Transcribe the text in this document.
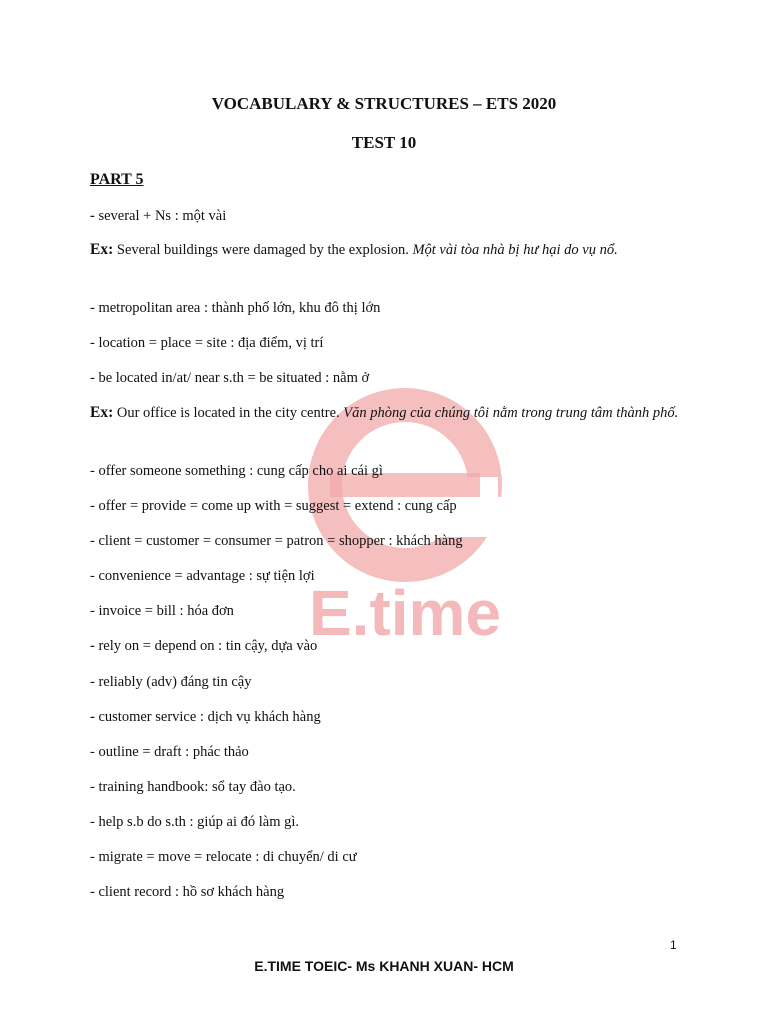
E.time
VOCABULARY & STRUCTURES – ETS 2020
TEST 10
PART 5
- several + Ns : một vài
Ex: Several buildings were damaged by the explosion. Một vài tòa nhà bị hư hại do vụ nổ.
- metropolitan area : thành phố lớn, khu đô thị lớn
- location = place = site : địa điểm, vị trí
- be located in/at/ near s.th = be situated : nằm ở
Ex: Our office is located in the city centre. Văn phòng của chúng tôi nằm trong trung tâm thành phố.
- offer someone something : cung cấp cho ai cái gì
- offer = provide = come up with = suggest = extend : cung cấp
- client = customer = consumer = patron = shopper : khách hàng
- convenience = advantage : sự tiện lợi
- invoice = bill : hóa đơn
- rely on = depend on : tin cậy, dựa vào
- reliably (adv) đáng tin cậy
- customer service : dịch vụ khách hàng
- outline = draft : phác thảo
- training handbook: sổ tay đào tạo.
- help s.b do s.th : giúp ai đó làm gì.
- migrate = move = relocate : di chuyển/ di cư
- client record : hồ sơ khách hàng
1
E.TIME TOEIC- Ms KHANH XUAN- HCM
